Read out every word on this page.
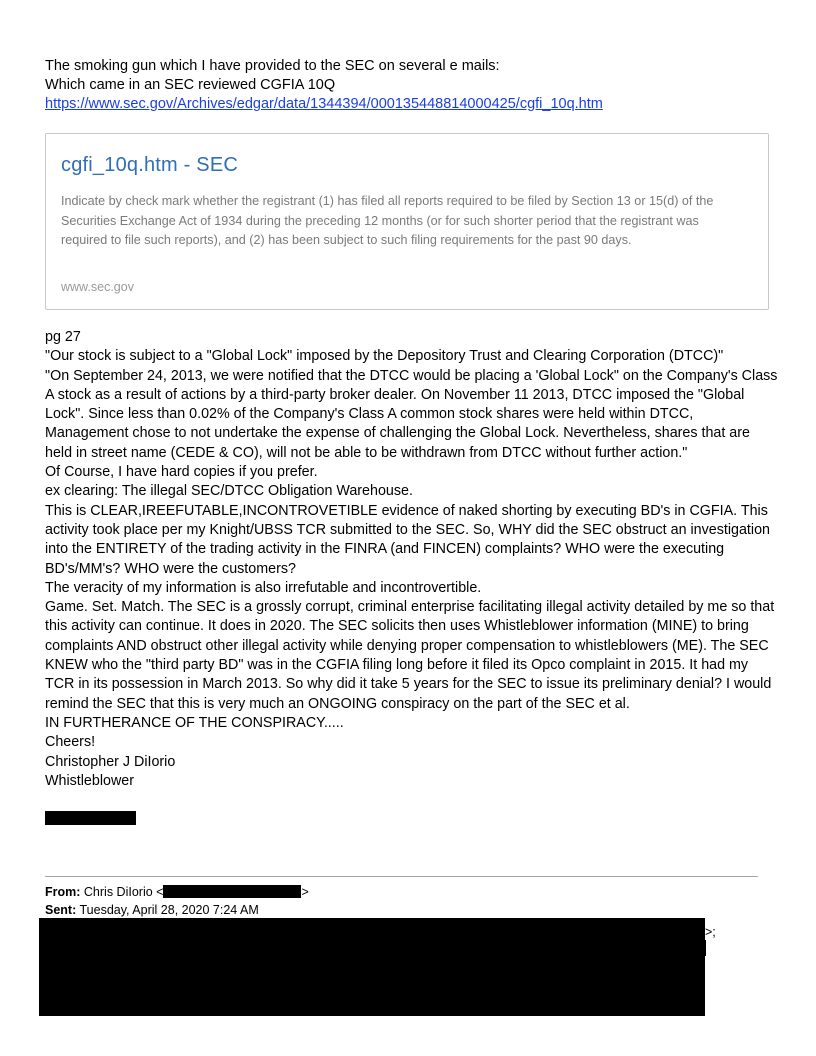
The smoking gun which I have provided to the SEC on several e mails:
Which came in an SEC reviewed CGFIA 10Q
https://www.sec.gov/Archives/edgar/data/1344394/000135448814000425/cgfi_10q.htm
cgfi_10q.htm - SEC
Indicate by check mark whether the registrant (1) has filed all reports required to be filed by Section 13 or 15(d) of the Securities Exchange Act of 1934 during the preceding 12 months (or for such shorter period that the registrant was required to file such reports), and (2) has been subject to such filing requirements for the past 90 days.
www.sec.gov

pg 27

"Our stock is subject to a "Global Lock" imposed by the Depository Trust and Clearing Corporation (DTCC)"

"On September 24, 2013, we were notified that the DTCC would be placing a 'Global Lock" on the Company's Class A stock as a result of actions by a third-party broker dealer. On November 11 2013, DTCC imposed the "Global Lock". Since less than 0.02% of the Company's Class A common stock shares were held within DTCC, Management chose to not undertake the expense of challenging the Global Lock. Nevertheless, shares that are held in street name (CEDE & CO), will not be able to be withdrawn from DTCC without further action."

Of Course, I have hard copies if you prefer.

ex clearing: The illegal SEC/DTCC Obligation Warehouse.

This is CLEAR,IREEFUTABLE,INCONTROVETIBLE evidence of naked shorting by executing BD's in CGFIA. This activity took place per my Knight/UBSS TCR submitted to the SEC. So, WHY did the SEC obstruct an investigation into the ENTIRETY of the trading activity in the FINRA (and FINCEN) complaints? WHO were the executing BD's/MM's? WHO were the customers?

The veracity of my information is also irrefutable and incontrovertible.

Game. Set. Match. The SEC is a grossly corrupt, criminal enterprise facilitating illegal activity detailed by me so that this activity can continue. It does in 2020. The SEC solicits then uses Whistleblower information (MINE) to bring complaints AND obstruct other illegal activity while denying proper compensation to whistleblowers (ME). The SEC KNEW who the "third party BD" was in the CGFIA filing long before it filed its Opco complaint in 2015. It had my TCR in its possession in March 2013. So why did it take 5 years for the SEC to issue its preliminary denial? I would remind the SEC that this is very much an ONGOING conspiracy on the part of the SEC et al.

IN FURTHERANCE OF THE CONSPIRACY.....

Cheers!

Christopher J DiIorio

Whistleblower

From: Chris DiIorio <	>
Sent: Tuesday, April 28, 2020 7:24 AM
>;
